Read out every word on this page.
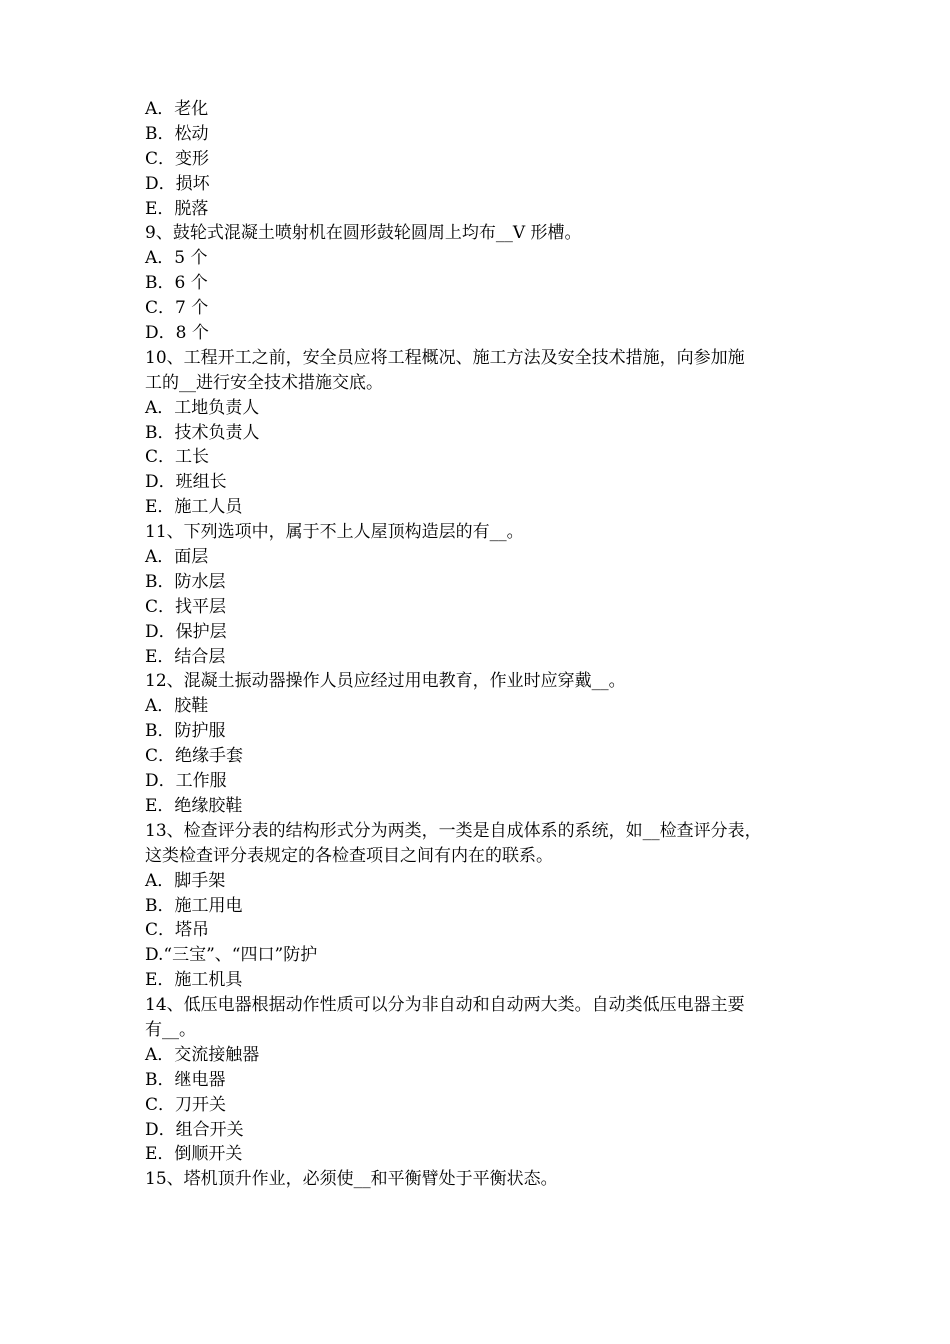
A．老化
B．松动
C．变形
D．损坏
E．脱落
9、鼓轮式混凝土喷射机在圆形鼓轮圆周上均布__V 形槽。
A．5 个
B．6 个
C．7 个
D．8 个
10、工程开工之前，安全员应将工程概况、施工方法及安全技术措施，向参加施
工的__进行安全技术措施交底。
A．工地负责人
B．技术负责人
C．工长
D．班组长
E．施工人员
11、下列选项中，属于不上人屋顶构造层的有__。
A．面层
B．防水层
C．找平层
D．保护层
E．结合层
12、混凝土振动器操作人员应经过用电教育，作业时应穿戴__。
A．胶鞋
B．防护服
C．绝缘手套
D．工作服
E．绝缘胶鞋
13、检查评分表的结构形式分为两类，一类是自成体系的系统，如__检查评分表，
这类检查评分表规定的各检查项目之间有内在的联系。
A．脚手架
B．施工用电
C．塔吊
D.“三宝”、“四口”防护
E．施工机具
14、低压电器根据动作性质可以分为非自动和自动两大类。自动类低压电器主要
有__。
A．交流接触器
B．继电器
C．刀开关
D．组合开关
E．倒顺开关
15、塔机顶升作业，必须使__和平衡臂处于平衡状态。
